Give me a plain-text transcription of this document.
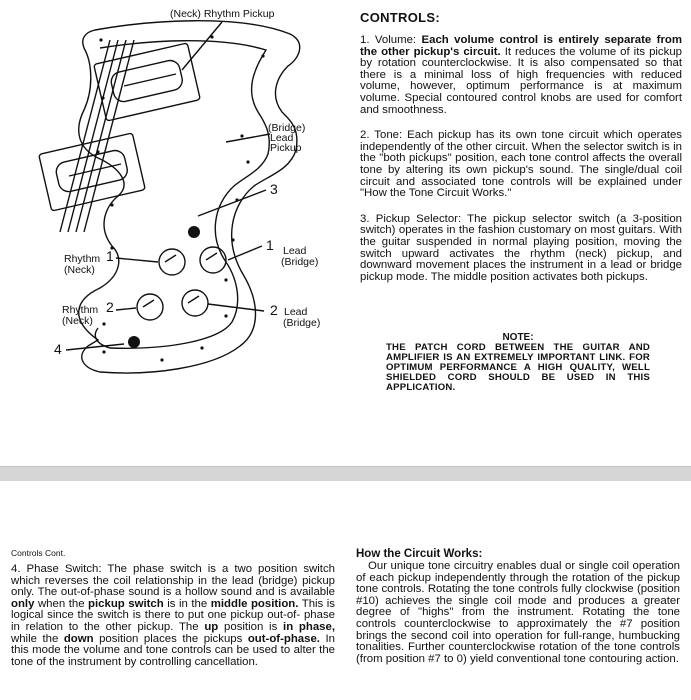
(Neck) Rhythm Pickup
(Bridge)
Lead
Pickup
3
1 Lead
(Bridge)
2 Lead
(Bridge)
Rhythm 1
(Neck)
Rhythm 2
(Neck)
4
CONTROLS:

1. Volume: Each volume control is entirely separate from the other pickup's circuit. It reduces the volume of its pickup by rotation counterclockwise. It is also compensated so that there is a minimal loss of high frequencies with reduced volume, however, optimum performance is at maximum volume. Special contoured control knobs are used for comfort and smoothness.

2. Tone: Each pickup has its own tone circuit which operates independently of the other circuit. When the selector switch is in the "both pickups" position, each tone control affects the overall tone by altering its own pickup's sound. The single/dual coil circuit and associated tone controls will be explained under "How the Tone Circuit Works."

3. Pickup Selector: The pickup selector switch (a 3-position switch) operates in the fashion customary on most guitars. With the guitar suspended in normal playing position, moving the switch upward activates the rhythm (neck) pickup, and downward movement places the instrument in a lead or bridge pickup mode. The middle position activates both pickups.

NOTE:
THE PATCH CORD BETWEEN THE GUITAR AND AMPLIFIER IS AN EXTREMELY IMPORTANT LINK. FOR OPTIMUM PERFORMANCE A HIGH QUALITY, WELL SHIELDED CORD SHOULD BE USED IN THIS APPLICATION.
Controls Cont.

4. Phase Switch: The phase switch is a two position switch which reverses the coil relationship in the lead (bridge) pickup only. The out-of-phase sound is a hollow sound and is available only when the pickup switch is in the middle position. This is logical since the switch is there to put one pickup out-of- phase in relation to the other pickup. The up position is in phase, while the down position places the pickups out-of-phase. In this mode the volume and tone controls can be used to alter the tone of the instrument by controlling cancellation.

How the Circuit Works:

Our unique tone circuitry enables dual or single coil operation of each pickup independently through the rotation of the pickup tone controls. Rotating the tone controls fully clockwise (position #10) achieves the single coil mode and produces a greater degree of "highs" from the instrument. Rotating the tone controls counterclockwise to approximately the #7 position brings the second coil into operation for full-range, humbucking tonalities. Further counterclockwise rotation of the tone controls (from position #7 to 0) yield conventional tone contouring action.
